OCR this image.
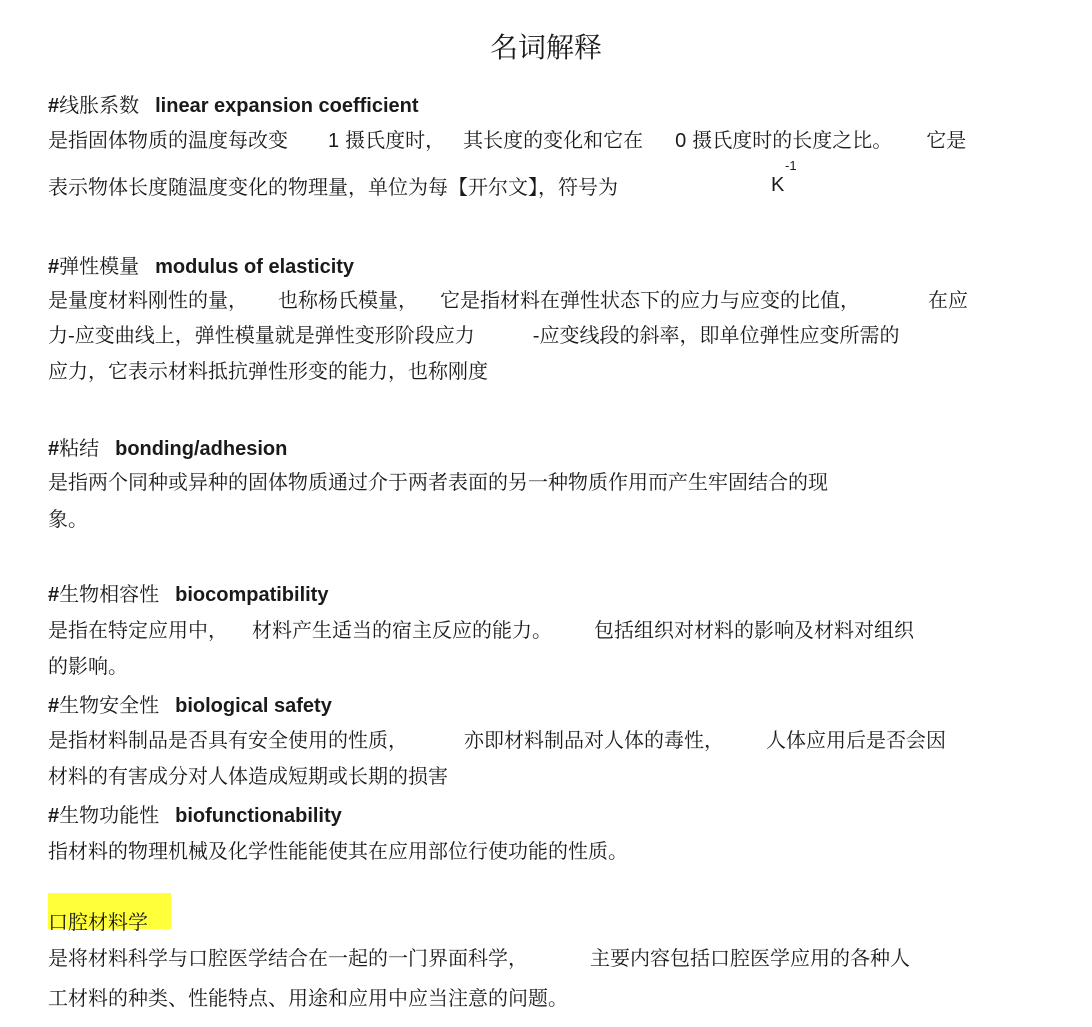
名词解释
#线胀系数 linear expansion coefficient
是指固体物质的温度每改变 1 摄氏度时， 其长度的变化和它在 0 摄氏度时的长度之比。 它是
表示物体长度随温度变化的物理量，单位为每【开尔文】，符号为
-1
K
#弹性模量 modulus of elasticity
是量度材料刚性的量， 也称杨氏模量， 它是指材料在弹性状态下的应力与应变的比值，	在应
力-应变曲线上，弹性模量就是弹性变形阶段应力	-应变线段的斜率，即单位弹性应变所需的
应力，它表示材料抵抗弹性形变的能力，也称刚度
#粘结 bonding/adhesion
是指两个同种或异种的固体物质通过介于两者表面的另一种物质作用而产生牢固结合的现
象。
#生物相容性 biocompatibility
是指在特定应用中， 材料产生适当的宿主反应的能力。 包括组织对材料的影响及材料对组织
的影响。
#生物安全性 biological safety
是指材料制品是否具有安全使用的性质，	亦即材料制品对人体的毒性， 人体应用后是否会因
材料的有害成分对人体造成短期或长期的损害
#生物功能性 biofunctionability
指材料的物理机械及化学性能能使其在应用部位行使功能的性质。
口腔材料学
是将材料科学与口腔医学结合在一起的一门界面科学，	主要内容包括口腔医学应用的各种人
工材料的种类、性能特点、用途和应用中应当注意的问题。
